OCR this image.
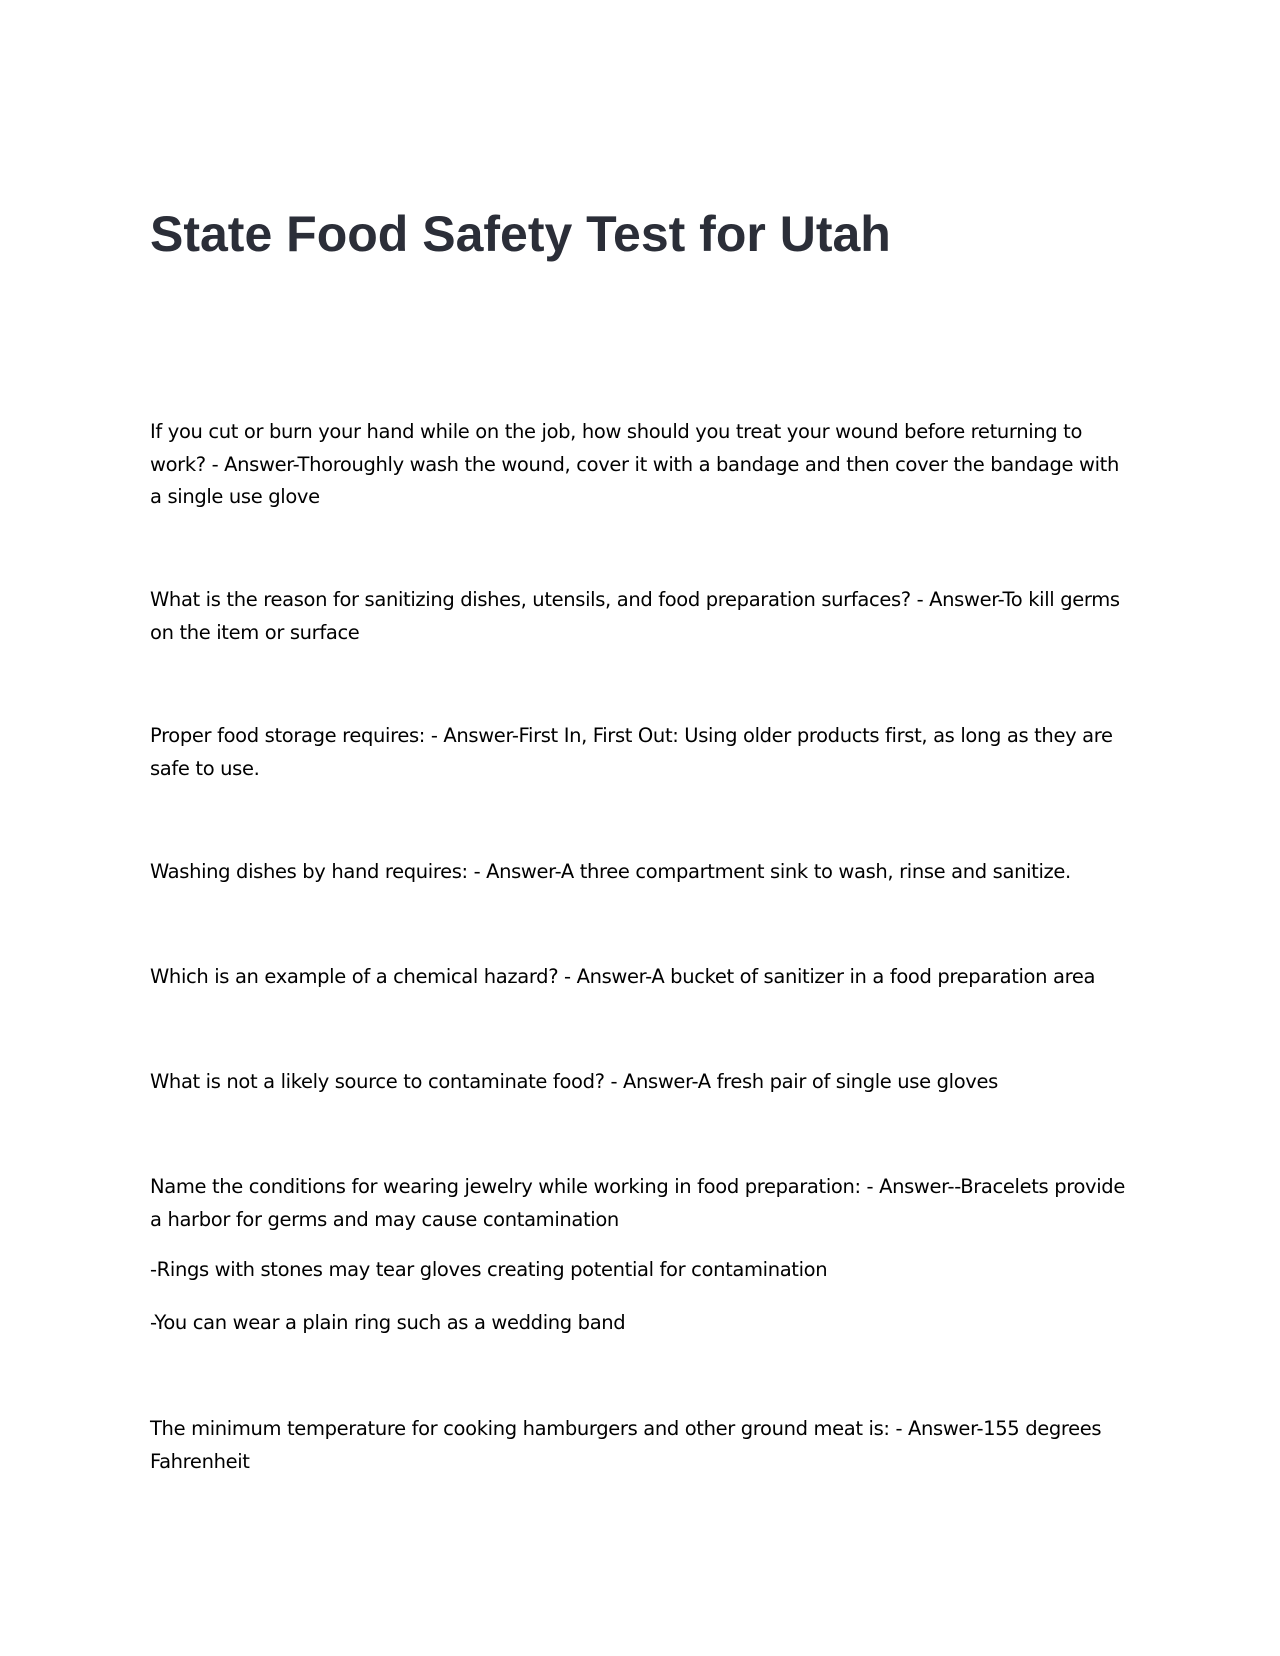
State Food Safety Test for Utah

If you cut or burn your hand while on the job, how should you treat your wound before returning to work? - Answer-Thoroughly wash the wound, cover it with a bandage and then cover the bandage with a single use glove

What is the reason for sanitizing dishes, utensils, and food preparation surfaces? - Answer-To kill germs on the item or surface

Proper food storage requires: - Answer-First In, First Out: Using older products first, as long as they are safe to use.

Washing dishes by hand requires: - Answer-A three compartment sink to wash, rinse and sanitize.

Which is an example of a chemical hazard? - Answer-A bucket of sanitizer in a food preparation area

What is not a likely source to contaminate food? - Answer-A fresh pair of single use gloves

Name the conditions for wearing jewelry while working in food preparation: - Answer--Bracelets provide a harbor for germs and may cause contamination

-Rings with stones may tear gloves creating potential for contamination

-You can wear a plain ring such as a wedding band

The minimum temperature for cooking hamburgers and other ground meat is: - Answer-155 degrees Fahrenheit
